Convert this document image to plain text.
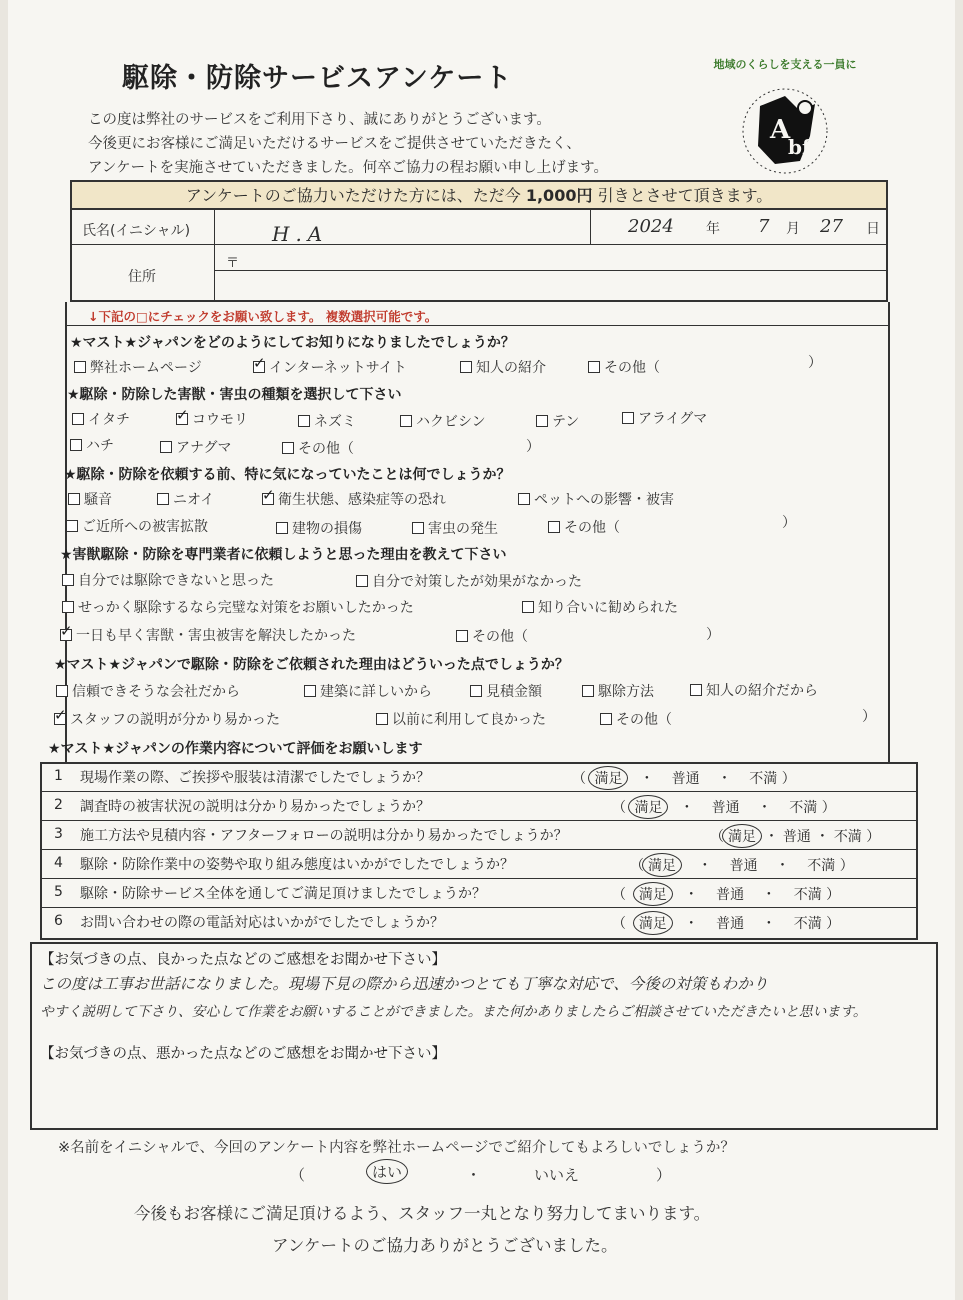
駆除・防除サービスアンケート
この度は弊社のサービスをご利用下さり、誠にありがとうございます。
今後更にお客様にご満足いただけるサービスをご提供させていただきたく、
アンケートを実施させていただきました。何卒ご協力の程お願い申し上げます。
地域のくらしを支える一員に
A
bf
アンケートのご協力いただけた方には、ただ今 1,000円 引きとさせて頂きます。
氏名(イニシャル)	H.A	2024 年 7 月 27 日
住所
〒
↓下記の□にチェックをお願い致します。 複数選択可能です。
★マスト★ジャパンをどのようにしてお知りになりましたでしょうか？
弊社ホームページ ✓	インターネットサイト	知人の紹介	その他（	）
★駆除・防除した害獣・害虫の種類を選択して下さい
イタチ ✓	コウモリ	ネズミ	ハクビシン	テン	アライグマ
ハチ	アナグマ	その他（	）
★駆除・防除を依頼する前、特に気になっていたことは何でしょうか？
騒音	ニオイ ✓	衛生状態、感染症等の恐れ	ペットへの影響・被害
ご近所への被害拡散	建物の損傷	害虫の発生	その他（	）
★害獣駆除・防除を専門業者に依頼しようと思った理由を教えて下さい
自分では駆除できないと思った	自分で対策したが効果がなかった
せっかく駆除するなら完璧な対策をお願いしたかった	知り合いに勧められた
✓一日も早く害獣・害虫被害を解決したかった	その他（	）
★マスト★ジャパンで駆除・防除をご依頼された理由はどういった点でしょうか？
信頼できそうな会社だから	建築に詳しいから	見積金額	駆除方法	知人の紹介だから
✓スタッフの説明が分かり易かった	以前に利用して良かった	その他（	）
★マスト★ジャパンの作業内容について評価をお願いします
1 現場作業の際、ご挨拶や服装は清潔でしたでしょうか？	（ 満足 ・ 普通 ・ 不満 ）
2 調査時の被害状況の説明は分かり易かったでしょうか？	（ 満足 ・ 普通 ・ 不満 ）
3 施工方法や見積内容・アフターフォローの説明は分かり易かったでしょうか？	（ 満足 ・ 普通 ・ 不満 ）
4 駆除・防除作業中の姿勢や取り組み態度はいかがでしたでしょうか？	（ 満足 ・ 普通 ・ 不満 ）
5 駆除・防除サービス全体を通してご満足頂けましたでしょうか？	（ 満足 ・ 普通 ・ 不満 ）
6 お問い合わせの際の電話対応はいかがでしたでしょうか？	（ 満足 ・ 普通 ・ 不満 ）
【お気づきの点、良かった点などのご感想をお聞かせ下さい】
この度は工事お世話になりました。現場下見の際から迅速かつとても丁寧な対応で、今後の対策もわかり
やすく説明して下さり、安心して作業をお願いすることができました。また何かありましたらご相談させていただきたいと思います。
【お気づきの点、悪かった点などのご感想をお聞かせ下さい】
※名前をイニシャルで、今回のアンケート内容を弊社ホームページでご紹介してもよろしいでしょうか？
（	はい	・	いいえ	）
今後もお客様にご満足頂けるよう、スタッフ一丸となり努力してまいります。
アンケートのご協力ありがとうございました。
